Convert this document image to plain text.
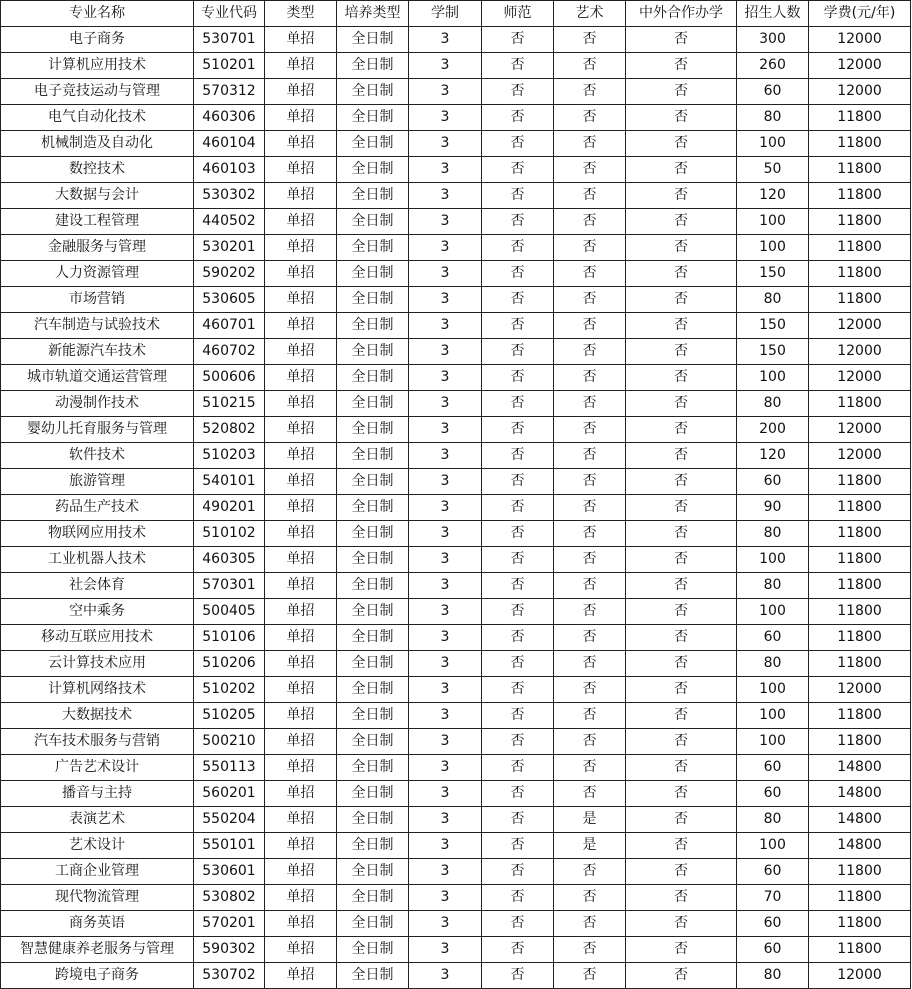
专业名称	专业代码	类型	培养类型	学制	师范	艺术	中外合作办学	招生人数	学费(元/年)
电子商务	530701	单招	全日制	3	否	否	否	300	12000
计算机应用技术	510201	单招	全日制	3	否	否	否	260	12000
电子竞技运动与管理	570312	单招	全日制	3	否	否	否	60	12000
电气自动化技术	460306	单招	全日制	3	否	否	否	80	11800
机械制造及自动化	460104	单招	全日制	3	否	否	否	100	11800
数控技术	460103	单招	全日制	3	否	否	否	50	11800
大数据与会计	530302	单招	全日制	3	否	否	否	120	11800
建设工程管理	440502	单招	全日制	3	否	否	否	100	11800
金融服务与管理	530201	单招	全日制	3	否	否	否	100	11800
人力资源管理	590202	单招	全日制	3	否	否	否	150	11800
市场营销	530605	单招	全日制	3	否	否	否	80	11800
汽车制造与试验技术	460701	单招	全日制	3	否	否	否	150	12000
新能源汽车技术	460702	单招	全日制	3	否	否	否	150	12000
城市轨道交通运营管理	500606	单招	全日制	3	否	否	否	100	12000
动漫制作技术	510215	单招	全日制	3	否	否	否	80	11800
婴幼儿托育服务与管理	520802	单招	全日制	3	否	否	否	200	12000
软件技术	510203	单招	全日制	3	否	否	否	120	12000
旅游管理	540101	单招	全日制	3	否	否	否	60	11800
药品生产技术	490201	单招	全日制	3	否	否	否	90	11800
物联网应用技术	510102	单招	全日制	3	否	否	否	80	11800
工业机器人技术	460305	单招	全日制	3	否	否	否	100	11800
社会体育	570301	单招	全日制	3	否	否	否	80	11800
空中乘务	500405	单招	全日制	3	否	否	否	100	11800
移动互联应用技术	510106	单招	全日制	3	否	否	否	60	11800
云计算技术应用	510206	单招	全日制	3	否	否	否	80	11800
计算机网络技术	510202	单招	全日制	3	否	否	否	100	12000
大数据技术	510205	单招	全日制	3	否	否	否	100	11800
汽车技术服务与营销	500210	单招	全日制	3	否	否	否	100	11800
广告艺术设计	550113	单招	全日制	3	否	否	否	60	14800
播音与主持	560201	单招	全日制	3	否	否	否	60	14800
表演艺术	550204	单招	全日制	3	否	是	否	80	14800
艺术设计	550101	单招	全日制	3	否	是	否	100	14800
工商企业管理	530601	单招	全日制	3	否	否	否	60	11800
现代物流管理	530802	单招	全日制	3	否	否	否	70	11800
商务英语	570201	单招	全日制	3	否	否	否	60	11800
智慧健康养老服务与管理	590302	单招	全日制	3	否	否	否	60	11800
跨境电子商务	530702	单招	全日制	3	否	否	否	80	12000
